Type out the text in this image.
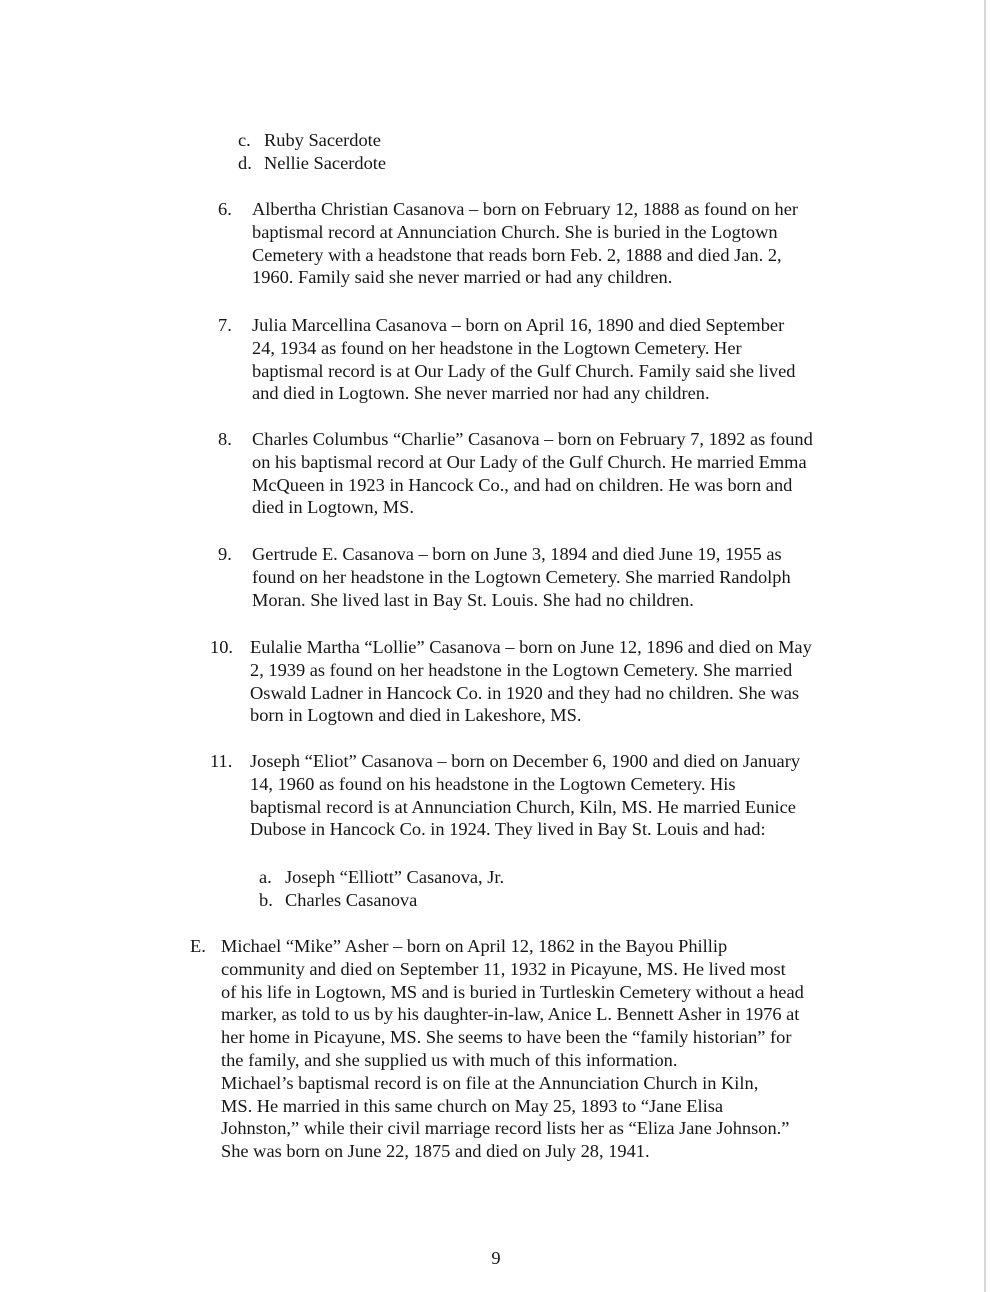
c. Ruby Sacerdote
d. Nellie Sacerdote
6.	Albertha Christian Casanova – born on February 12, 1888 as found on her
baptismal record at Annunciation Church. She is buried in the Logtown
Cemetery with a headstone that reads born Feb. 2, 1888 and died Jan. 2,
1960. Family said she never married or had any children.
7.	Julia Marcellina Casanova – born on April 16, 1890 and died September
24, 1934 as found on her headstone in the Logtown Cemetery. Her
baptismal record is at Our Lady of the Gulf Church. Family said she lived
and died in Logtown. She never married nor had any children.
8.	Charles Columbus “Charlie” Casanova – born on February 7, 1892 as found
on his baptismal record at Our Lady of the Gulf Church. He married Emma
McQueen in 1923 in Hancock Co., and had on children. He was born and
died in Logtown, MS.
9.	Gertrude E. Casanova – born on June 3, 1894 and died June 19, 1955 as
found on her headstone in the Logtown Cemetery. She married Randolph
Moran. She lived last in Bay St. Louis. She had no children.
10. Eulalie Martha “Lollie” Casanova – born on June 12, 1896 and died on May
2, 1939 as found on her headstone in the Logtown Cemetery. She married
Oswald Ladner in Hancock Co. in 1920 and they had no children. She was
born in Logtown and died in Lakeshore, MS.
11. Joseph “Eliot” Casanova – born on December 6, 1900 and died on January
14, 1960 as found on his headstone in the Logtown Cemetery. His
baptismal record is at Annunciation Church, Kiln, MS. He married Eunice
Dubose in Hancock Co. in 1924. They lived in Bay St. Louis and had:
a. Joseph “Elliott” Casanova, Jr.
b. Charles Casanova
E. Michael “Mike” Asher – born on April 12, 1862 in the Bayou Phillip
community and died on September 11, 1932 in Picayune, MS. He lived most
of his life in Logtown, MS and is buried in Turtleskin Cemetery without a head
marker, as told to us by his daughter-in-law, Anice L. Bennett Asher in 1976 at
her home in Picayune, MS. She seems to have been the “family historian” for
the family, and she supplied us with much of this information.
Michael’s baptismal record is on file at the Annunciation Church in Kiln,
MS. He married in this same church on May 25, 1893 to “Jane Elisa
Johnston,” while their civil marriage record lists her as “Eliza Jane Johnson.”
She was born on June 22, 1875 and died on July 28, 1941.
9
